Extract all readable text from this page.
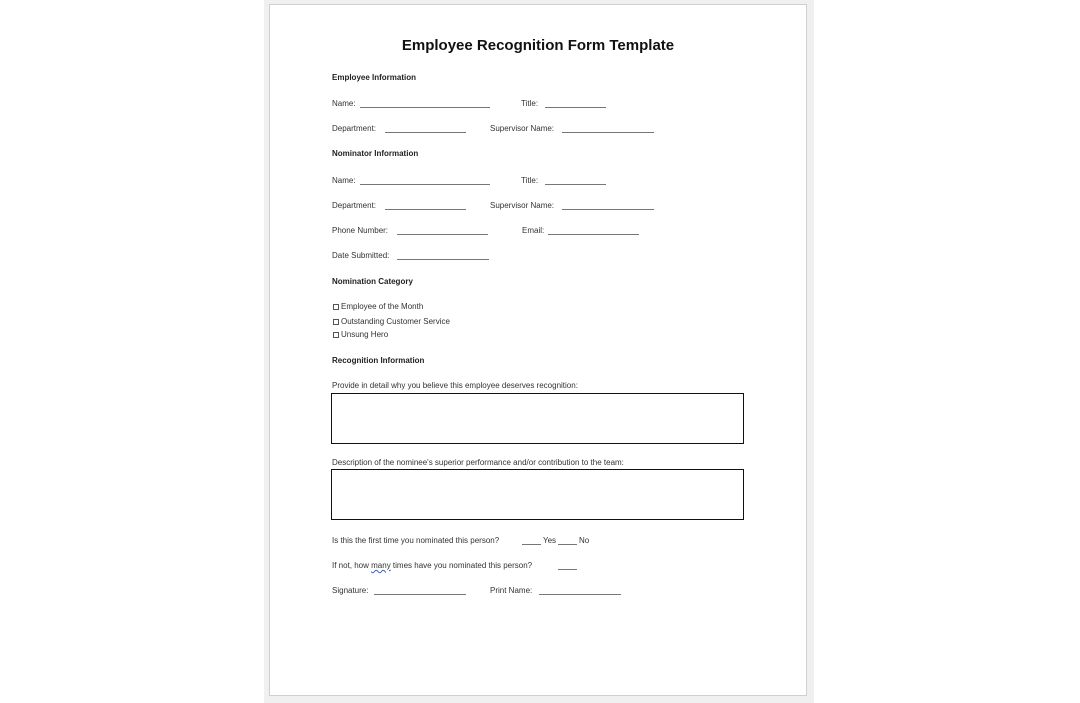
Employee Recognition Form Template
Employee Information
Name:	Title:
Department:	Supervisor Name:
Nominator Information
Name:	Title:
Department:	Supervisor Name:
Phone Number:	Email:
Date Submitted:
Nomination Category
Employee of the Month
Outstanding Customer Service
Unsung Hero
Recognition Information
Provide in detail why you believe this employee deserves recognition:
Description of the nominee's superior performance and/or contribution to the team:
Is this the first time you nominated this person?	Yes	No
If not, how many times have you nominated this person?
Signature:	Print Name:
